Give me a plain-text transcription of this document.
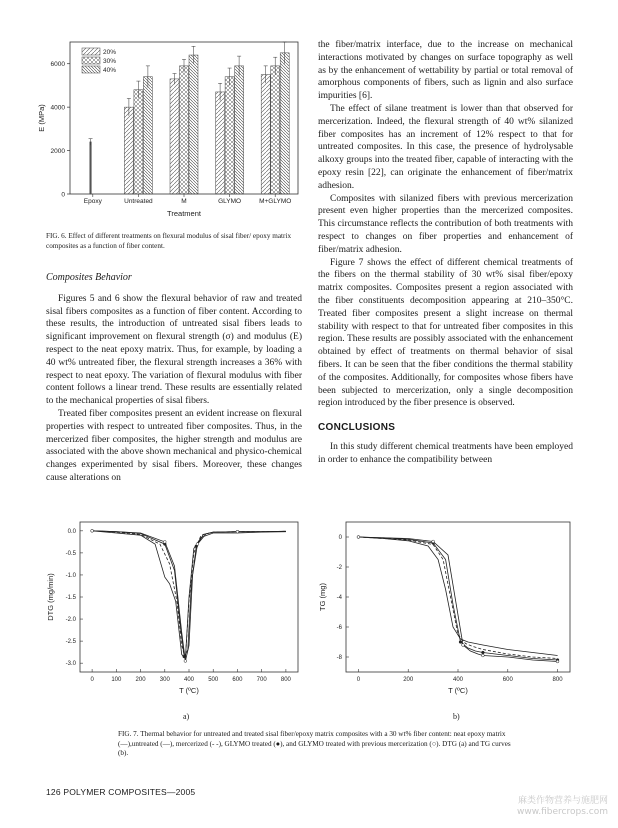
0
2000
4000
6000
E (MPa)
Epoxy	Untreated	M	GLYMO	M+GLYMO
Treatment
20%
30%
40%
FIG. 6. Effect of different treatments on flexural modulus of sisal fiber/ epoxy matrix composites as a function of fiber content.
Composites Behavior

Figures 5 and 6 show the flexural behavior of raw and treated sisal fibers composites as a function of fiber content. According to these results, the introduction of untreated sisal fibers leads to significant improvement on flexural strength (σ) and modulus (E) respect to the neat epoxy matrix. Thus, for example, by loading a 40 wt% untreated fiber, the flexural strength increases a 36% with respect to neat epoxy. The variation of flexural modulus with fiber content follows a linear trend. These results are essentially related to the mechanical properties of sisal fibers.

Treated fiber composites present an evident increase on flexural properties with respect to untreated fiber composites. Thus, in the mercerized fiber composites, the higher strength and modulus are associated with the above shown mechanical and physico-chemical changes experimented by sisal fibers. Moreover, these changes cause alterations on

the fiber/matrix interface, due to the increase on mechanical interactions motivated by changes on surface topography as well as by the enhancement of wettability by partial or total removal of amorphous components of fibers, such as lignin and also surface impurities [6].

The effect of silane treatment is lower than that observed for mercerization. Indeed, the flexural strength of 40 wt% silanized fiber composites has an increment of 12% respect to that for untreated composites. In this case, the presence of hydrolysable alkoxy groups into the treated fiber, capable of interacting with the epoxy resin [22], can originate the enhancement of fiber/matrix adhesion.

Composites with silanized fibers with previous mercerization present even higher properties than the mercerized composites. This circumstance reflects the contribution of both treatments with respect to changes on fiber properties and enhancement of fiber/matrix adhesion.

Figure 7 shows the effect of different chemical treatments of the fibers on the thermal stability of 30 wt% sisal fiber/epoxy matrix composites. Composites present a region associated with the fiber constituents decomposition appearing at 210–350°C. Treated fiber composites present a slight increase on thermal stability with respect to that for untreated fiber composites in this region. These results are possibly associated with the enhancement obtained by effect of treatments on thermal behavior of sisal fibers. It can be seen that the fiber conditions the thermal stability of the composites. Additionally, for composites whose fibers have been subjected to mercerization, only a single decomposition region introduced by the fiber presence is observed.

CONCLUSIONS

In this study different chemical treatments have been employed in order to enhance the compatibility between

0	100 200 300 400 500 600 700 800
0.0
-0.5
-1.0
-1.5
-2.0
-2.5
-3.0
T (ºC)
DTG (mg/min)
0	200	400	600	800
0
-2
-4
-6
-8
T (ºC)
TG (mg)
a)	b)
FIG. 7. Thermal behavior for untreated and treated sisal fiber/epoxy matrix composites with a 30 wt% fiber content: neat epoxy matrix (—),untreated (—), mercerized (- -), GLYMO treated (●), and GLYMO treated with previous mercerization (○). DTG (a) and TG curves (b).
126 POLYMER COMPOSITES—2005
麻类作物营养与施肥网
www.fibercrops.com
